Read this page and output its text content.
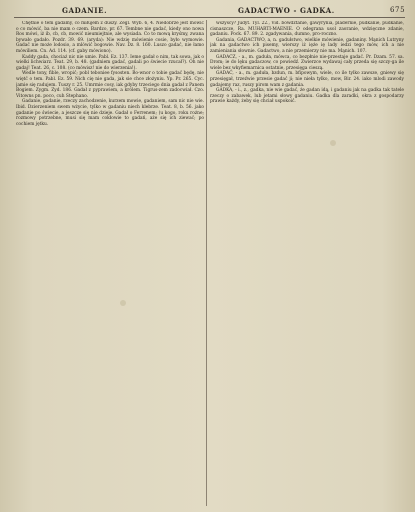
GADANIE.	GADACTWO - GADKA.	675

Chętnie o tem gadamy, co miłujem z duszy. Zegl. Wyb. 6, 4. Niedobrze jest mówić o co mówić, ba nie mam o czem. Bardzo, pr. 67. Tembne nie gadać, kiedy ono nowa Ros mówi, iż ib, cb, cb, mowić nieumiejtnie, ale wysiada. Co to mową kryśmy, zwana bywało gadało. Pozdr. 39. 69. (aryda): Nie wdzię mówienie cosie, było wymowie. Gadać nie może lodosio, a mlówić bogowie. Nav. Dz. 8. 160. Luszo gadać, nie łamo mówiliem. Cn. Ad. 114. (cf. gaby mówiono).

Kaddy gada, chociaż nic nie umie. Pabl. Ez. 137. Ieme gadał o nim, tak sowa, jak o wielki lichwiarz. Teat. 29, b. 48. (gadniem gadać, gadali po świecie rzucał?). Oh nie gadaj! Teat. 26, c. 108. (co mówisz! nie do wierzenia!).

Wedle tony, fible, wropić; pobl teboniee fysosten. Bo-wnor o tobie gadać będę, nie więtć o tem. Pabl. Ez. 59. Nich cię nie gada, jak sie chce złożyniu. Yp. Pr. 265. Cyc. jamie się radujem. Tuszy r. 25. Umrmie cosy, iak gdyby trzeciego dnia gadał z Panem Bogiem. Zygm. Zyd. 186. Gadał z pyprawiem, a królem. Tigrus-zem zadocwiał. Czo. Vitowns pn. poco, cuh Stephano.

Gadanie, gadanie, rzeczy zachodzenie, kurzem mowie, gadaniem, sam nic nie wie. Ibid. Dzierzeniem swem wżycie, tylko w gadaniu niech klebrze. Teat. 8, b. 56. jako gadanie po świecie, a jeszcze się nie dzieje. Gadał o Ferrenem; (u kogo, roku rożne; rozmowy potrzebne, musi się mam cokłowie to gadań, aże się ich ziewać; po cochiem jętku.

wszyscy? Judyt. Tyl. 22., Vid. bowdztanie, gawyrynia, pladernie, pudkanie, pudkanie, cisnaszcze, Ra. MUHARTI-MAENIE. O odegrana usol zaoranie, wdzięczne zdanie, gadaniu. Pock. 67. 89. 2. zgadywania, dumno, pro-roczno.

Gadania, GADACTWO, a, n. gadułstwo, wielkie mówienie, gadaniny. Mąnich Lutryny jak na gadactwo ich pisemy, wierszy iż ięże ię lady iedzi tego mów, ich a nie zamieniania słownie. Gadactwo, a nie przemierzy nie ma. Mąnich. 107.

GADACZ, - a., m. gaduła, mówca, co bezpłnie nie-przestaje gadać. Pr. Dzam. 57. sa. Drom; ie do lęku gadaczow, co powiedź. Zwierzce wydawaj cały przeda się szczy-ga ile wiele bez wkyfiemarnica ostatnie, przesięga cieszą.

GADAĆ, - a., m. gaduła, bzdun, m. bfipowym, wiele, co ile tylko zawsze, gniewy się przesięgał, trzeźwie przesie gadać ji; nie nieła tylko, mow, Bir. 24. iako mlodi zawody gadajemy raz, ruszy pirom wam z gadania.

GADKA, - i., z., gadka, nie wie gadać, że gadan idą, i gadaniu jak na gadka tak tatele rzeczy o zabawek, lub jetami słowy gadaniu. Gadka dla zaradki, okra z gospodarzy prawie każdy, żeby się chciał uspokoić.
